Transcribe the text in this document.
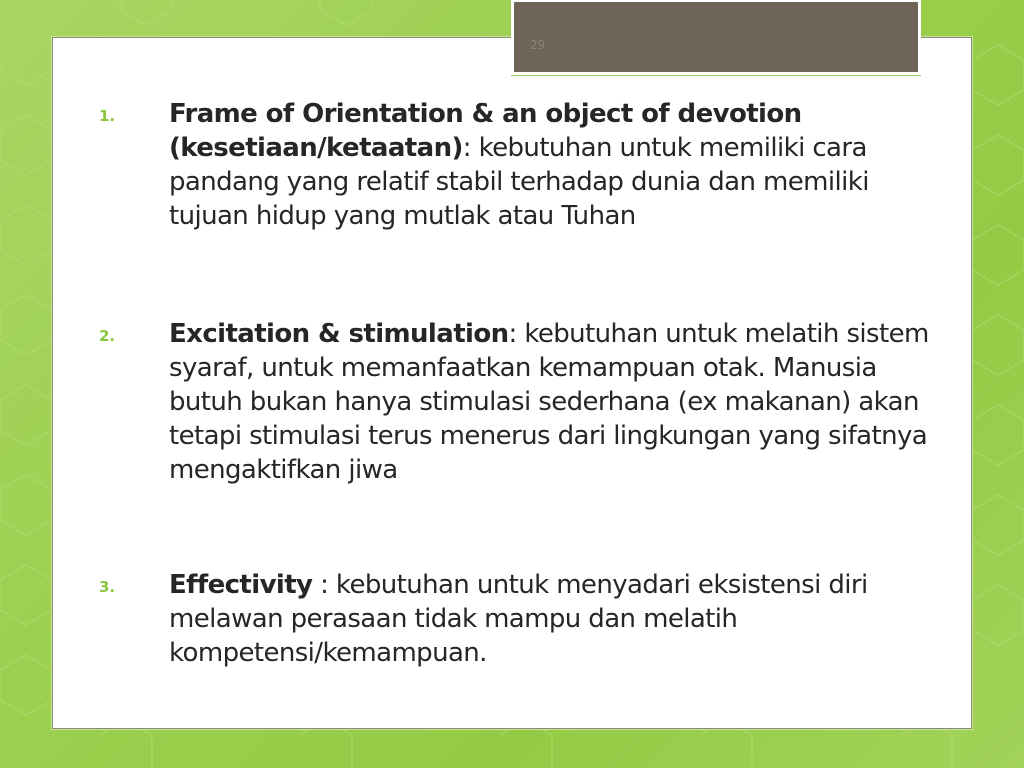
29
1. Frame of Orientation & an object of devotion (kesetiaan/ketaatan): kebutuhan untuk memiliki cara pandang yang relatif stabil terhadap dunia dan memiliki tujuan hidup yang mutlak atau Tuhan
2. Excitation & stimulation: kebutuhan untuk melatih sistem syaraf, untuk memanfaatkan kemampuan otak. Manusia butuh bukan hanya stimulasi sederhana (ex makanan) akan tetapi stimulasi terus menerus dari lingkungan yang sifatnya mengaktifkan jiwa
3. Effectivity : kebutuhan untuk menyadari eksistensi diri melawan perasaan tidak mampu dan melatih kompetensi/kemampuan.
